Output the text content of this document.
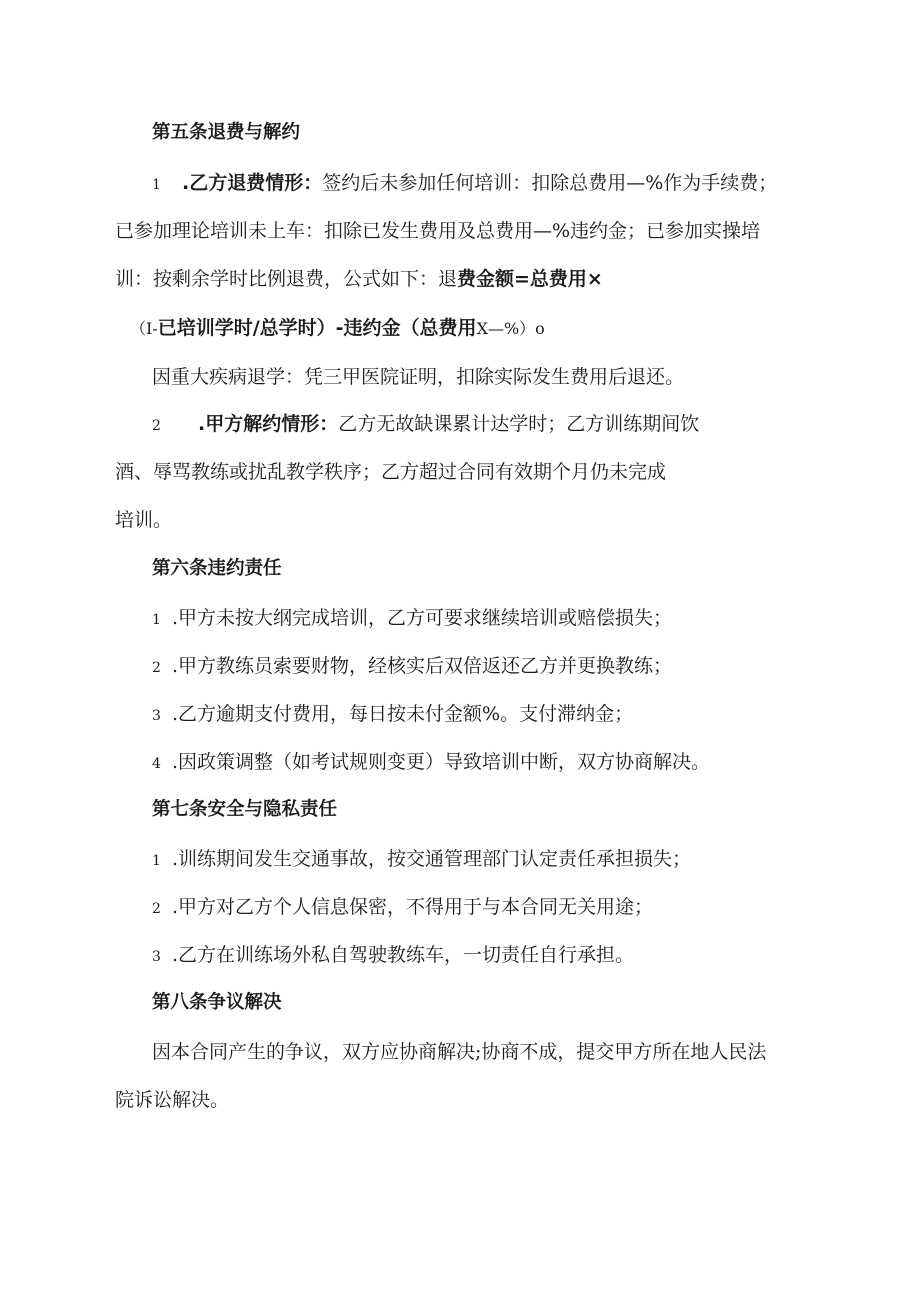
第五条退费与解约
1 .乙方退费情形：签约后未参加任何培训：扣除总费用—%作为手续费；
已参加理论培训未上车：扣除已发生费用及总费用—%违约金；已参加实操培
训：按剩余学时比例退费，公式如下：退费金额=总费用×
（I-已培训学时/总学时）-违约金（总费用X—%）o
因重大疾病退学：凭三甲医院证明，扣除实际发生费用后退还。
2 .甲方解约情形：乙方无故缺课累计达学时；乙方训练期间饮
酒、辱骂教练或扰乱教学秩序；乙方超过合同有效期个月仍未完成
培训。
第六条违约责任
1 .甲方未按大纲完成培训，乙方可要求继续培训或赔偿损失；
2 .甲方教练员索要财物，经核实后双倍返还乙方并更换教练；
3 .乙方逾期支付费用，每日按未付金额%。支付滞纳金；
4 .因政策调整（如考试规则变更）导致培训中断，双方协商解决。
第七条安全与隐私责任
1 .训练期间发生交通事故，按交通管理部门认定责任承担损失；
2 .甲方对乙方个人信息保密，不得用于与本合同无关用途；
3 .乙方在训练场外私自驾驶教练车，一切责任自行承担。
第八条争议解决
因本合同产生的争议，双方应协商解决;协商不成，提交甲方所在地人民法
院诉讼解决。
